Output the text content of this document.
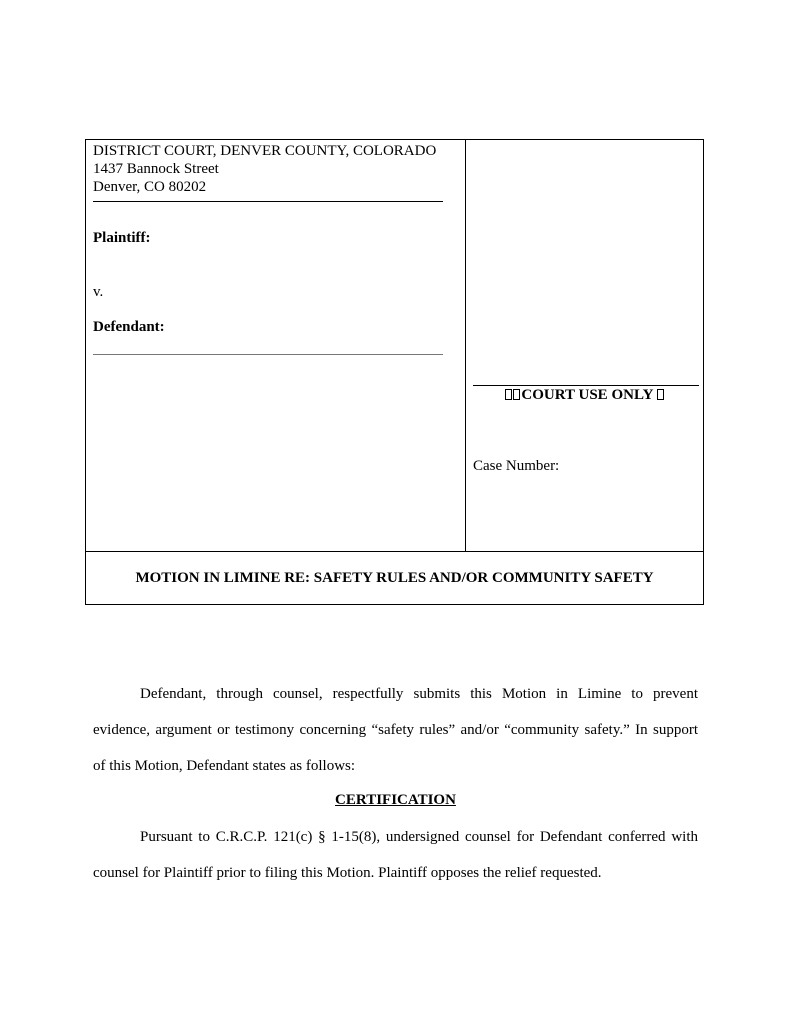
DISTRICT COURT, DENVER COUNTY, COLORADO
1437 Bannock Street
Denver, CO 80202
Plaintiff:
v.
Defendant:
COURT USE ONLY
Case Number:
MOTION IN LIMINE RE: SAFETY RULES AND/OR COMMUNITY SAFETY
Defendant, through counsel, respectfully submits this Motion in Limine to prevent
evidence, argument or testimony concerning “safety rules” and/or “community safety.” In support
of this Motion, Defendant states as follows:
CERTIFICATION
Pursuant to C.R.C.P. 121(c) § 1-15(8), undersigned counsel for Defendant conferred with
counsel for Plaintiff prior to filing this Motion. Plaintiff opposes the relief requested.
